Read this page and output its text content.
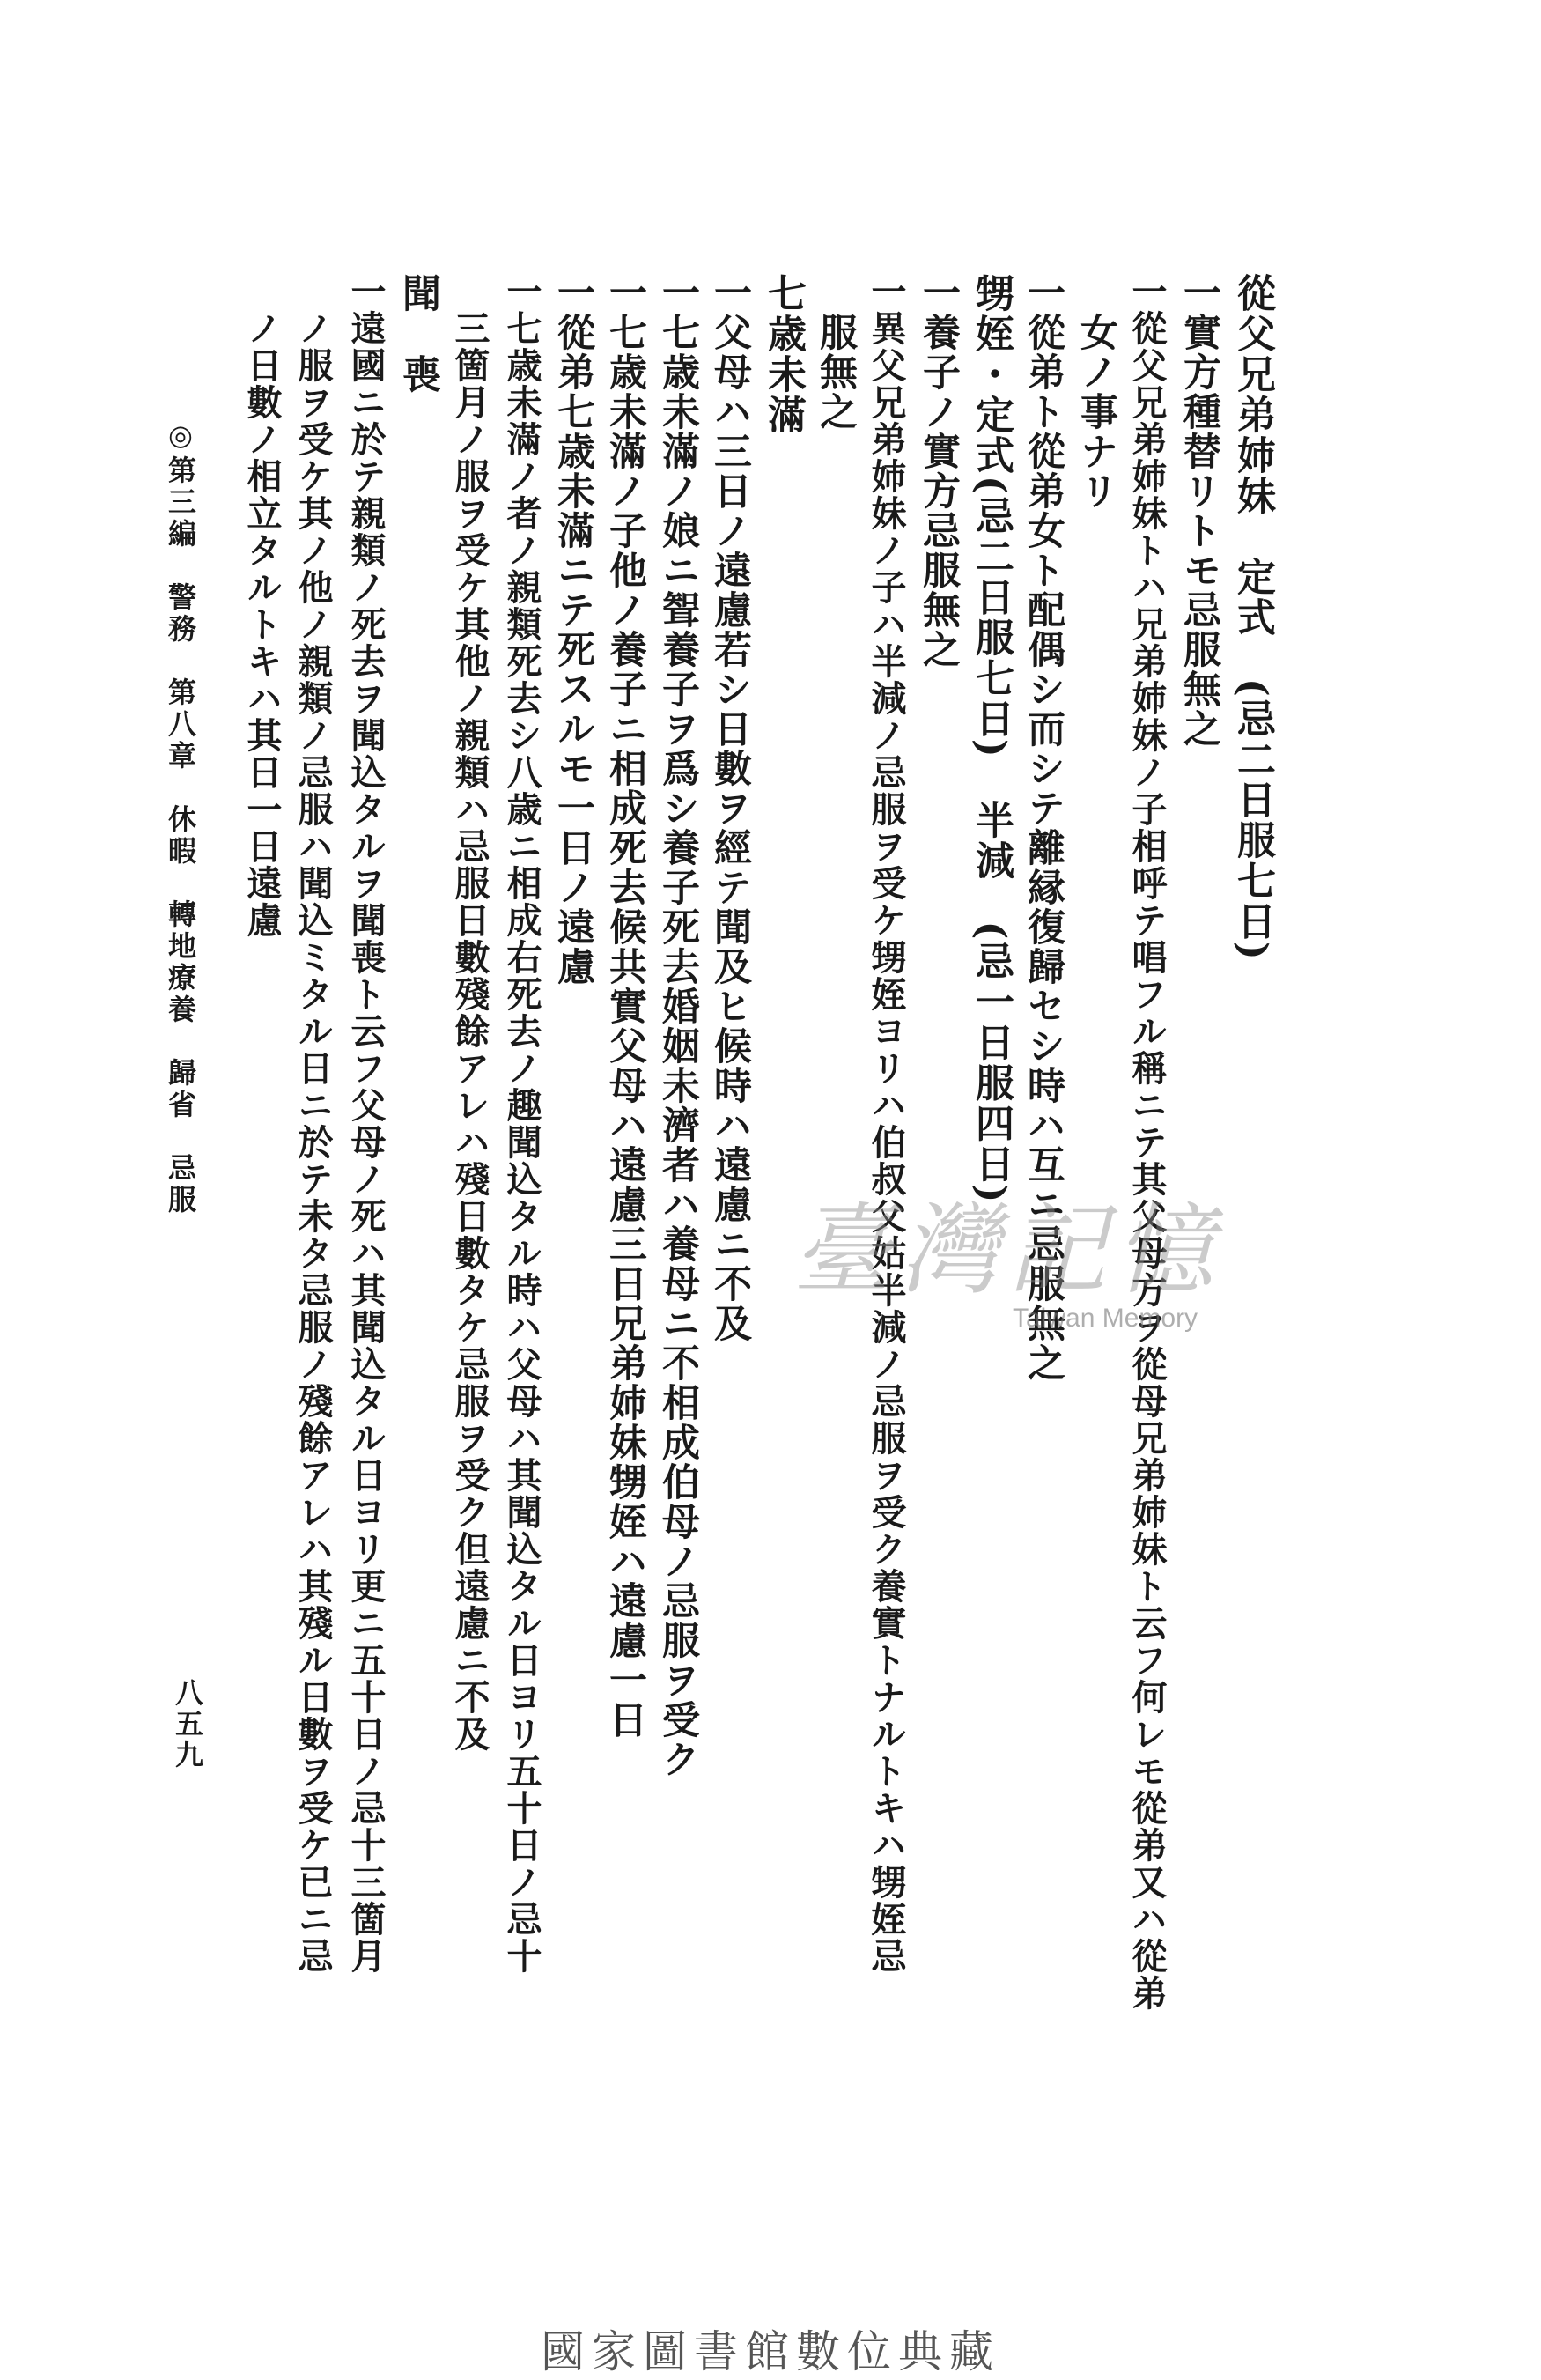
從父兄弟姉妹　定式　(忌二日服七日)
一實方種替リトモ忌服無之
一從父兄弟姉妹トハ兄弟姉妹ノ子相呼テ唱フル稱ニテ其父母方ヲ從母兄弟姉妹ト云フ何レモ從弟又ハ從弟
　女ノ事ナリ
一從弟ト從弟女ト配偶シ而シテ離縁復歸セシ時ハ互ニ忌服無之
甥姪・定式(忌二日服七日)　半減　(忌一日服四日)
一養子ノ實方忌服無之
一異父兄弟姉妹ノ子ハ半減ノ忌服ヲ受ケ甥姪ヨリハ伯叔父姑半減ノ忌服ヲ受ク養實トナルトキハ甥姪忌
　服無之
七歳未滿
一父母ハ三日ノ遠慮若シ日數ヲ經テ聞及ヒ候時ハ遠慮ニ不及
一七歳未滿ノ娘ニ聟養子ヲ爲シ養子死去婚姻未濟者ハ養母ニ不相成伯母ノ忌服ヲ受ク
一七歳未滿ノ子他ノ養子ニ相成死去候共實父母ハ遠慮三日兄弟姉妹甥姪ハ遠慮一日
一從弟七歳未滿ニテ死スルモ一日ノ遠慮
一七歳未滿ノ者ノ親類死去シ八歳ニ相成右死去ノ趣聞込タル時ハ父母ハ其聞込タル日ヨリ五十日ノ忌十
　三箇月ノ服ヲ受ケ其他ノ親類ハ忌服日數殘餘アレハ殘日數タケ忌服ヲ受ク但遠慮ニ不及
聞　喪
一遠國ニ於テ親類ノ死去ヲ聞込タルヲ聞喪ト云フ父母ノ死ハ其聞込タル日ヨリ更ニ五十日ノ忌十三箇月
　ノ服ヲ受ケ其ノ他ノ親類ノ忌服ハ聞込ミタル日ニ於テ未タ忌服ノ殘餘アレハ其殘ル日數ヲ受ケ已ニ忌
　ノ日數ノ相立タルトキハ其日一日遠慮
◎第三編　警務　第八章　休暇　轉地療養　歸省　忌服
八五九
臺灣記憶
Taiwan Memory
國家圖書館數位典藏
